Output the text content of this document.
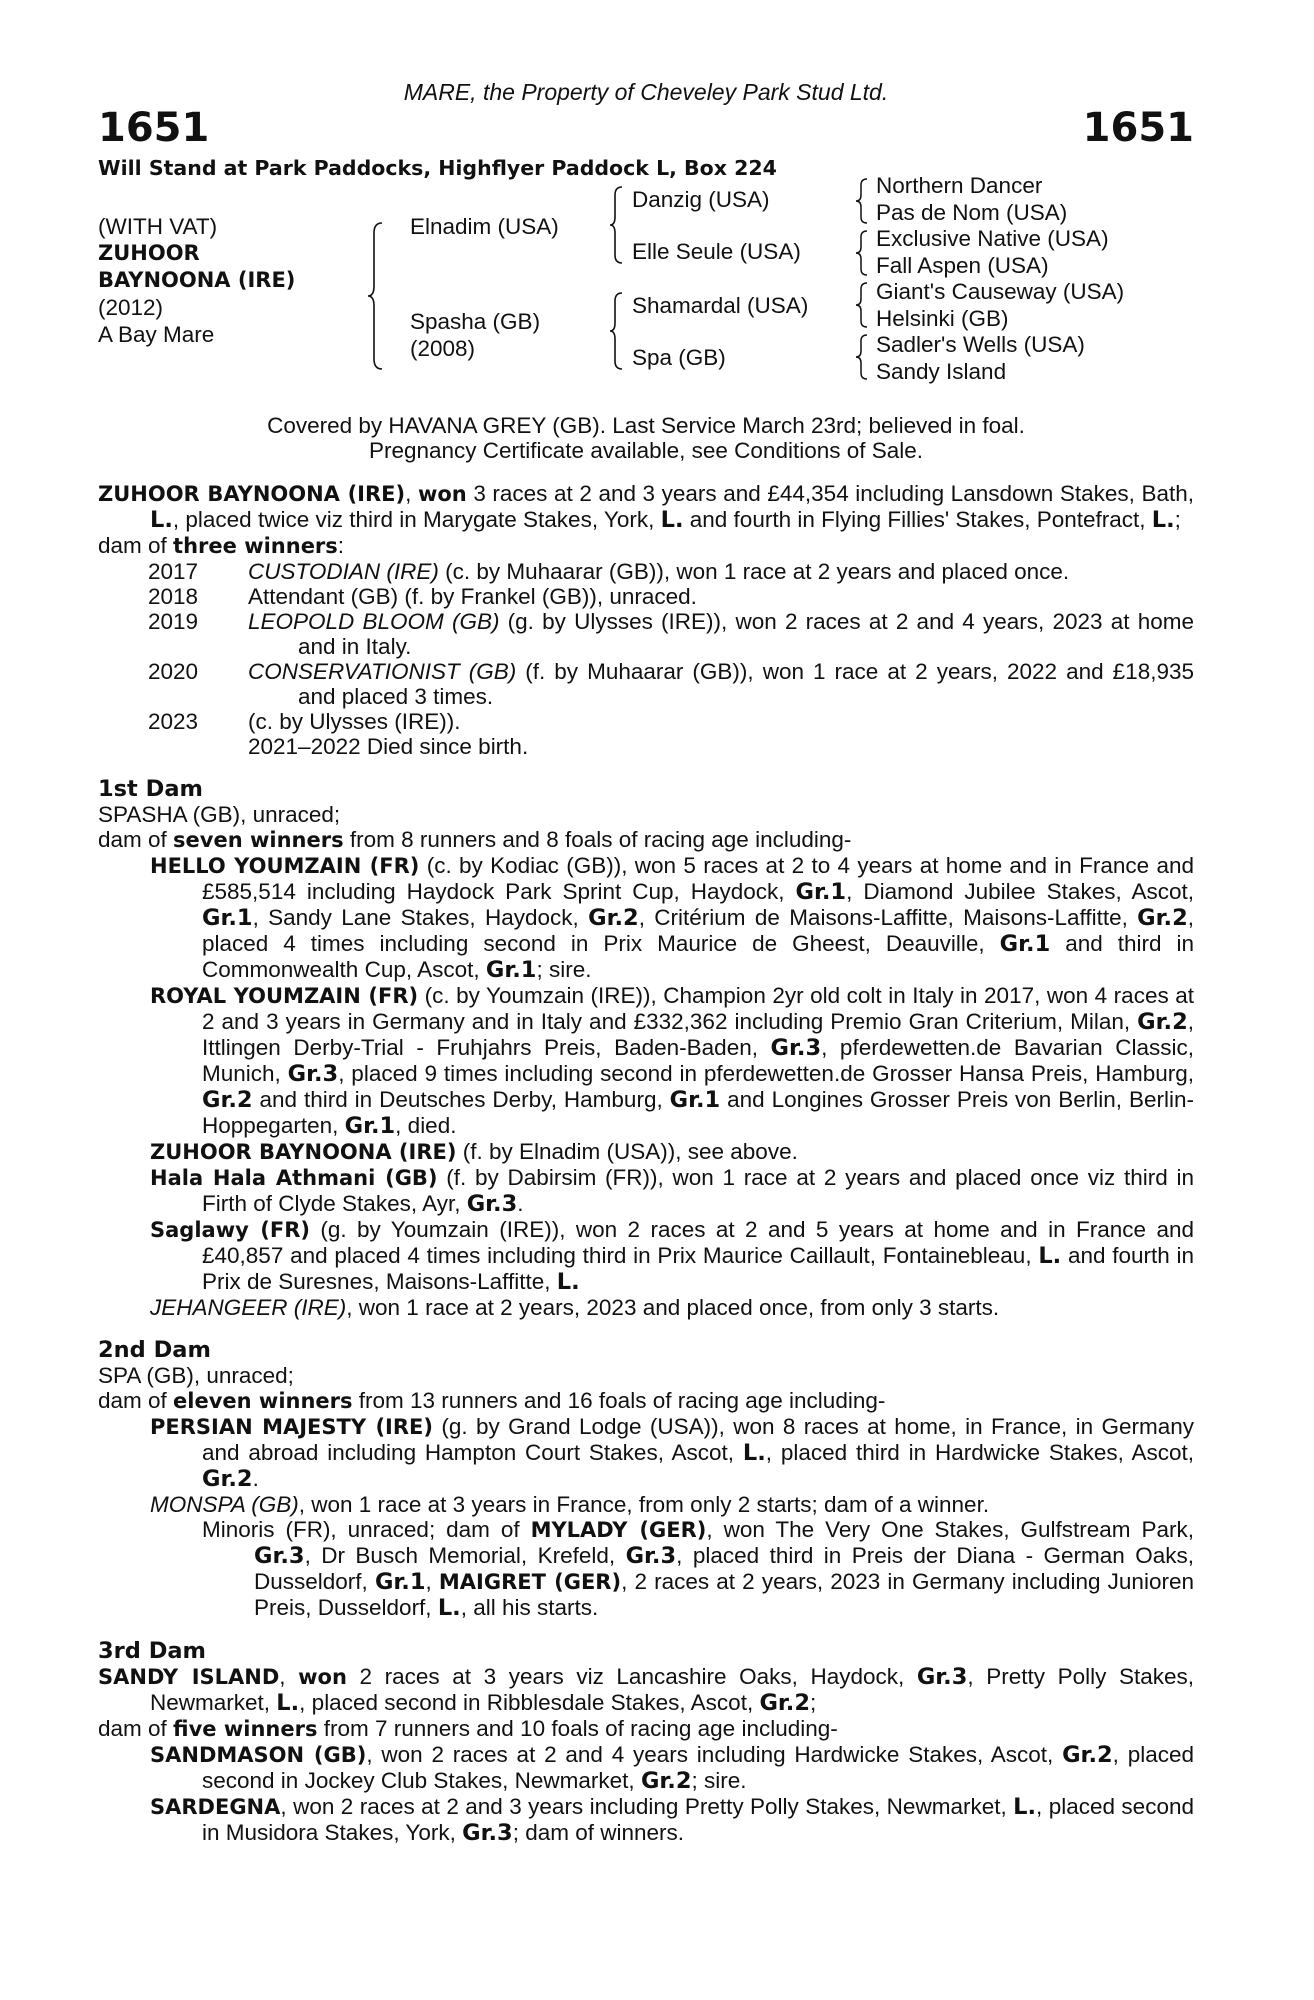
MARE, the Property of Cheveley Park Stud Ltd.
1651	1651
Will Stand at Park Paddocks, Highflyer Paddock L, Box 224
(WITH VAT)
ZUHOOR
BAYNOONA (IRE)
(2012)
A Bay Mare
Elnadim (USA)
Spasha (GB)
(2008)
Danzig (USA)
Elle Seule (USA)
Shamardal (USA)
Spa (GB)
Northern Dancer
Pas de Nom (USA)
Exclusive Native (USA)
Fall Aspen (USA)
Giant's Causeway (USA)
Helsinki (GB)
Sadler's Wells (USA)
Sandy Island
Covered by HAVANA GREY (GB). Last Service March 23rd; believed in foal.
Pregnancy Certificate available, see Conditions of Sale.
ZUHOOR BAYNOONA (IRE), won 3 races at 2 and 3 years and £44,354 including Lansdown Stakes, Bath, L., placed twice viz third in Marygate Stakes, York, L. and fourth in Flying Fillies' Stakes, Pontefract, L.;
dam of three winners:
2017	CUSTODIAN (IRE) (c. by Muhaarar (GB)), won 1 race at 2 years and placed once.
2018	Attendant (GB) (f. by Frankel (GB)), unraced.
2019	LEOPOLD BLOOM (GB) (g. by Ulysses (IRE)), won 2 races at 2 and 4 years, 2023 at home and in Italy.
2020	CONSERVATIONIST (GB) (f. by Muhaarar (GB)), won 1 race at 2 years, 2022 and £18,935 and placed 3 times.
2023	(c. by Ulysses (IRE)).
2021–2022 Died since birth.
1st Dam
SPASHA (GB), unraced;
dam of seven winners from 8 runners and 8 foals of racing age including-
HELLO YOUMZAIN (FR) (c. by Kodiac (GB)), won 5 races at 2 to 4 years at home and in France and £585,514 including Haydock Park Sprint Cup, Haydock, Gr.1, Diamond Jubilee Stakes, Ascot, Gr.1, Sandy Lane Stakes, Haydock, Gr.2, Critérium de Maisons-Laffitte, Maisons-Laffitte, Gr.2, placed 4 times including second in Prix Maurice de Gheest, Deauville, Gr.1 and third in Commonwealth Cup, Ascot, Gr.1; sire.
ROYAL YOUMZAIN (FR) (c. by Youmzain (IRE)), Champion 2yr old colt in Italy in 2017, won 4 races at 2 and 3 years in Germany and in Italy and £332,362 including Premio Gran Criterium, Milan, Gr.2, Ittlingen Derby-Trial - Fruhjahrs Preis, Baden-Baden, Gr.3, pferdewetten.de Bavarian Classic, Munich, Gr.3, placed 9 times including second in pferdewetten.de Grosser Hansa Preis, Hamburg, Gr.2 and third in Deutsches Derby, Hamburg, Gr.1 and Longines Grosser Preis von Berlin, Berlin-Hoppegarten, Gr.1, died.
ZUHOOR BAYNOONA (IRE) (f. by Elnadim (USA)), see above.
Hala Hala Athmani (GB) (f. by Dabirsim (FR)), won 1 race at 2 years and placed once viz third in Firth of Clyde Stakes, Ayr, Gr.3.
Saglawy (FR) (g. by Youmzain (IRE)), won 2 races at 2 and 5 years at home and in France and £40,857 and placed 4 times including third in Prix Maurice Caillault, Fontainebleau, L. and fourth in Prix de Suresnes, Maisons-Laffitte, L.
JEHANGEER (IRE), won 1 race at 2 years, 2023 and placed once, from only 3 starts.
2nd Dam
SPA (GB), unraced;
dam of eleven winners from 13 runners and 16 foals of racing age including-
PERSIAN MAJESTY (IRE) (g. by Grand Lodge (USA)), won 8 races at home, in France, in Germany and abroad including Hampton Court Stakes, Ascot, L., placed third in Hardwicke Stakes, Ascot, Gr.2.
MONSPA (GB), won 1 race at 3 years in France, from only 2 starts; dam of a winner.
Minoris (FR), unraced; dam of MYLADY (GER), won The Very One Stakes, Gulfstream Park, Gr.3, Dr Busch Memorial, Krefeld, Gr.3, placed third in Preis der Diana - German Oaks, Dusseldorf, Gr.1, MAIGRET (GER), 2 races at 2 years, 2023 in Germany including Junioren Preis, Dusseldorf, L., all his starts.
3rd Dam
SANDY ISLAND, won 2 races at 3 years viz Lancashire Oaks, Haydock, Gr.3, Pretty Polly Stakes, Newmarket, L., placed second in Ribblesdale Stakes, Ascot, Gr.2;
dam of five winners from 7 runners and 10 foals of racing age including-
SANDMASON (GB), won 2 races at 2 and 4 years including Hardwicke Stakes, Ascot, Gr.2, placed second in Jockey Club Stakes, Newmarket, Gr.2; sire.
SARDEGNA, won 2 races at 2 and 3 years including Pretty Polly Stakes, Newmarket, L., placed second in Musidora Stakes, York, Gr.3; dam of winners.
